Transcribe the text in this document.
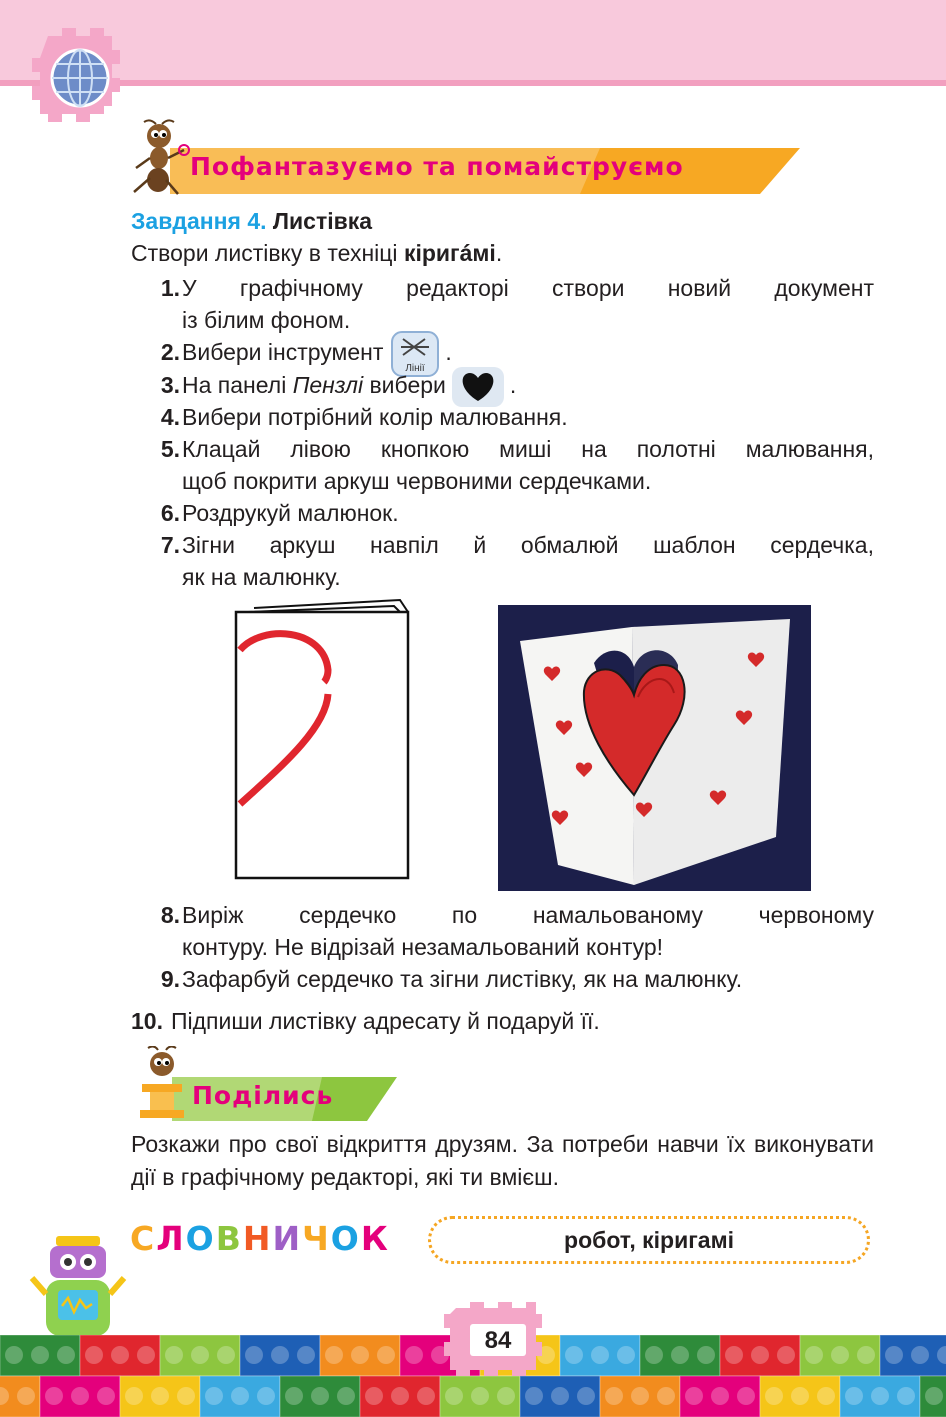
Пофантазуємо та помайструємо
Завдання 4. Листівка
Створи листівку в техніці кіригáмі.
1. У графічному редакторі створи новий документ
із білим фоном.
2. Вибери інструмент
Лінії
.
3. На панелі Пензлі вибери	.
4. Вибери потрібний колір малювання.
5. Клацай лівою кнопкою миші на полотні малювання,
щоб покрити аркуш червоними сердечками.
6. Роздрукуй малюнок.
7. Зігни аркуш навпіл й обмалюй шаблон сердечка,
як на малюнку.
8. Виріж сердечко по намальованому червоному
контуру. Не відрізай незамальований контур!
9. Зафарбуй сердечко та зігни листівку, як на малюнку.
10. Підпиши листівку адресату й подаруй її.
Поділись
Розкажи про свої відкриття друзям. За потреби навчи їх виконувати дії в графічному редакторі, які ти вмієш.
СЛОВНИЧОК	робот, кіригамі
84
